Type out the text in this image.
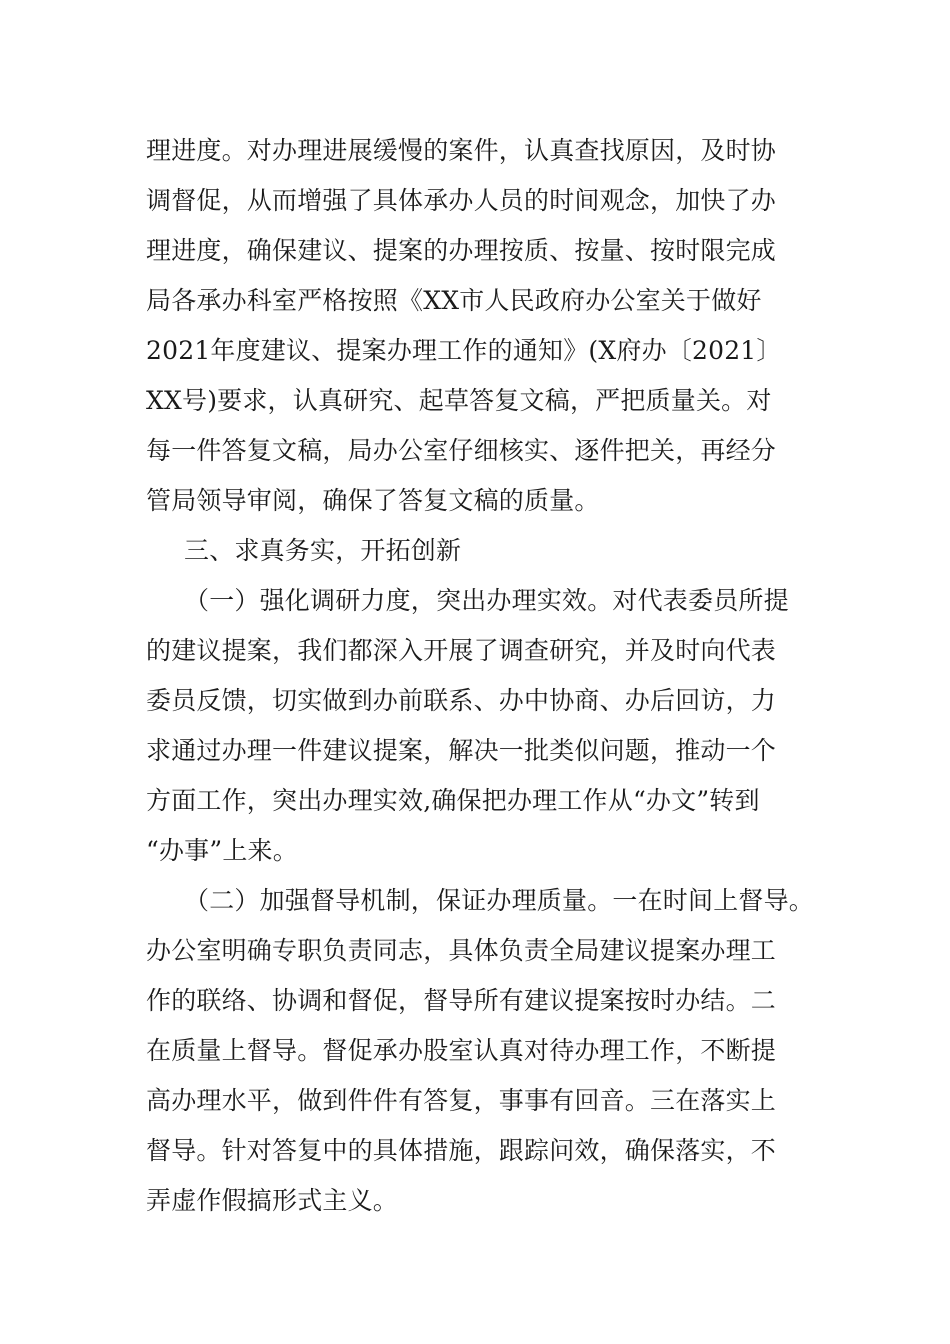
理进度。对办理进展缓慢的案件，认真查找原因，及时协
调督促，从而增强了具体承办人员的时间观念，加快了办
理进度，确保建议、提案的办理按质、按量、按时限完成
局各承办科室严格按照《XX市人民政府办公室关于做好
2021年度建议、提案办理工作的通知》(X府办〔2021〕
XX号)要求，认真研究、起草答复文稿，严把质量关。对
每一件答复文稿，局办公室仔细核实、逐件把关，再经分
管局领导审阅，确保了答复文稿的质量。
三、求真务实，开拓创新
（一）强化调研力度，突出办理实效。对代表委员所提
的建议提案，我们都深入开展了调查研究，并及时向代表
委员反馈，切实做到办前联系、办中协商、办后回访，力
求通过办理一件建议提案，解决一批类似问题，推动一个
方面工作，突出办理实效,确保把办理工作从“办文”转到
“办事”上来。
（二）加强督导机制，保证办理质量。一在时间上督导。
办公室明确专职负责同志，具体负责全局建议提案办理工
作的联络、协调和督促，督导所有建议提案按时办结。二
在质量上督导。督促承办股室认真对待办理工作，不断提
高办理水平，做到件件有答复，事事有回音。三在落实上
督导。针对答复中的具体措施，跟踪问效，确保落实，不
弄虚作假搞形式主义。
